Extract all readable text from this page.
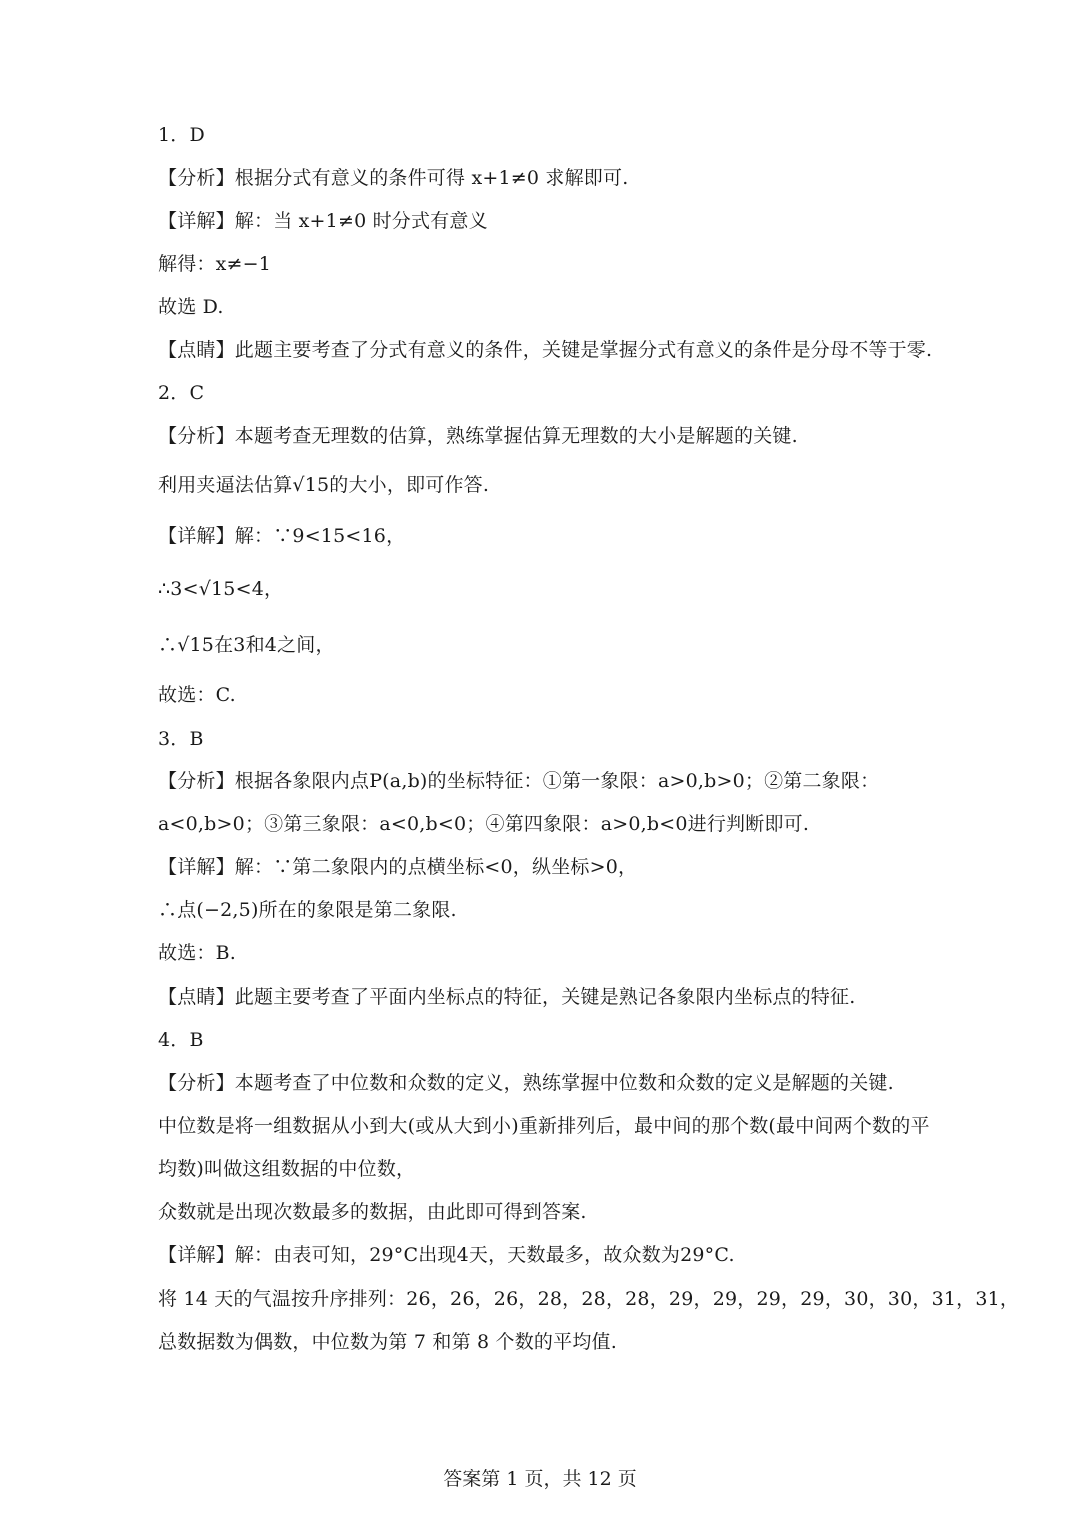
1．D
【分析】根据分式有意义的条件可得 x+1≠0 求解即可.
【详解】解：当 x+1≠0 时分式有意义
解得：x≠−1
故选 D.
【点睛】此题主要考查了分式有意义的条件，关键是掌握分式有意义的条件是分母不等于零.
2．C
【分析】本题考查无理数的估算，熟练掌握估算无理数的大小是解题的关键.
利用夹逼法估算√15的大小，即可作答.
【详解】解：∵9<15<16，
∴3<√15<4，
∴√15在3和4之间，
故选：C.
3．B
【分析】根据各象限内点P(a,b)的坐标特征：①第一象限：a>0,b>0；②第二象限：
a<0,b>0；③第三象限：a<0,b<0；④第四象限：a>0,b<0进行判断即可.
【详解】解：∵第二象限内的点横坐标<0，纵坐标>0，
∴点(−2,5)所在的象限是第二象限.
故选：B.
【点睛】此题主要考查了平面内坐标点的特征，关键是熟记各象限内坐标点的特征.
4．B
【分析】本题考查了中位数和众数的定义，熟练掌握中位数和众数的定义是解题的关键.
中位数是将一组数据从小到大(或从大到小)重新排列后，最中间的那个数(最中间两个数的平
均数)叫做这组数据的中位数，
众数就是出现次数最多的数据，由此即可得到答案.
【详解】解：由表可知，29°C出现4天，天数最多，故众数为29°C.
将 14 天的气温按升序排列：26，26，26，28，28，28，29，29，29，29，30，30，31，31，
总数据数为偶数，中位数为第 7 和第 8 个数的平均值.
答案第 1 页，共 12 页
